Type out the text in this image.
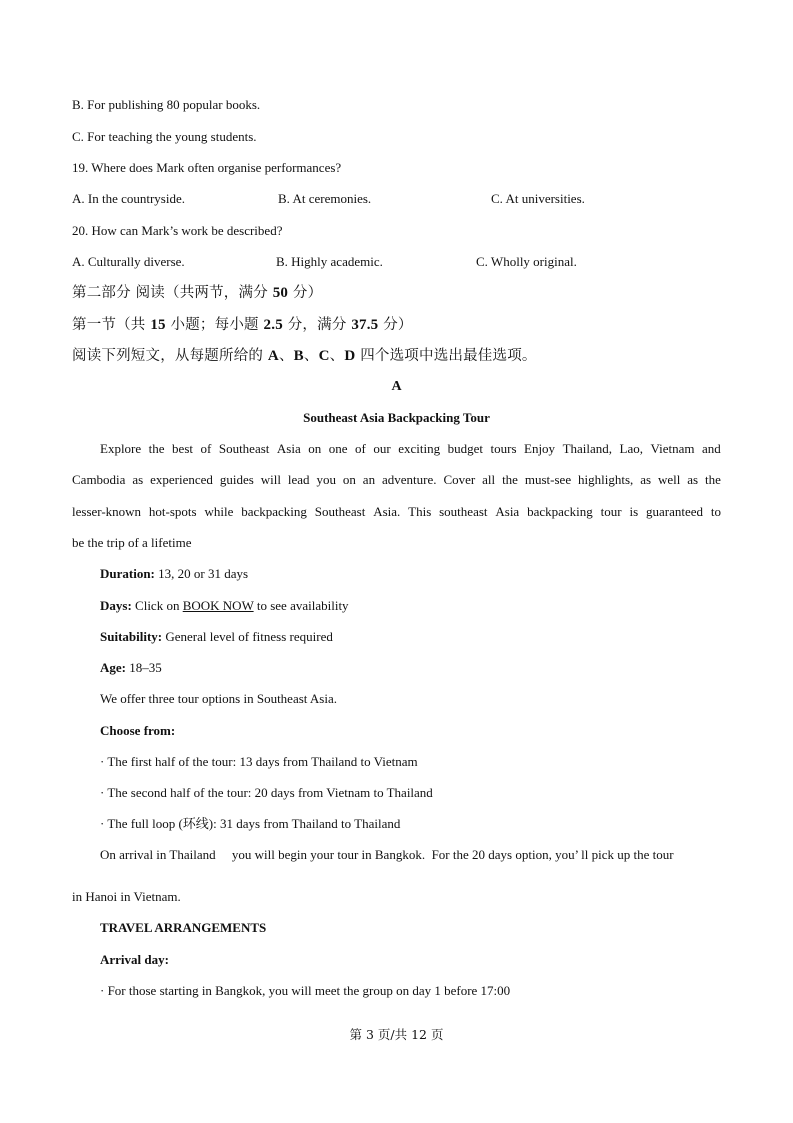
B. For publishing 80 popular books.
C. For teaching the young students.
19. Where does Mark often organise performances?
A. In the countryside.	B. At ceremonies.	C. At universities.
20. How can Mark’s work be described?
A. Culturally diverse.	B. Highly academic.	C. Wholly original.
第二部分 阅读（共两节，满分 50 分）
第一节（共 15 小题；每小题 2.5 分，满分 37.5 分）
阅读下列短文，从每题所给的 A、B、C、D 四个选项中选出最佳选项。
A
Southeast Asia Backpacking Tour
Explore the best of Southeast Asia on one of our exciting budget tours Enjoy Thailand, Lao, Vietnam and
Cambodia as experienced guides will lead you on an adventure. Cover all the must-see highlights, as well as the
lesser-known hot-spots while backpacking Southeast Asia. This southeast Asia backpacking tour is guaranteed to
be the trip of a lifetime
Duration: 13, 20 or 31 days
Days: Click on BOOK NOW to see availability
Suitability: General level of fitness required
Age: 18–35
We offer three tour options in Southeast Asia.
Choose from:
· The first half of the tour: 13 days from Thailand to Vietnam
· The second half of the tour: 20 days from Vietnam to Thailand
· The full loop (环线): 31 days from Thailand to Thailand
On arrival in Thailand     you will begin your tour in Bangkok.  For the 20 days option, you’ ll pick up the tour
in Hanoi in Vietnam.
TRAVEL ARRANGEMENTS
Arrival day:
· For those starting in Bangkok, you will meet the group on day 1 before 17:00
第 3 页/共 12 页
